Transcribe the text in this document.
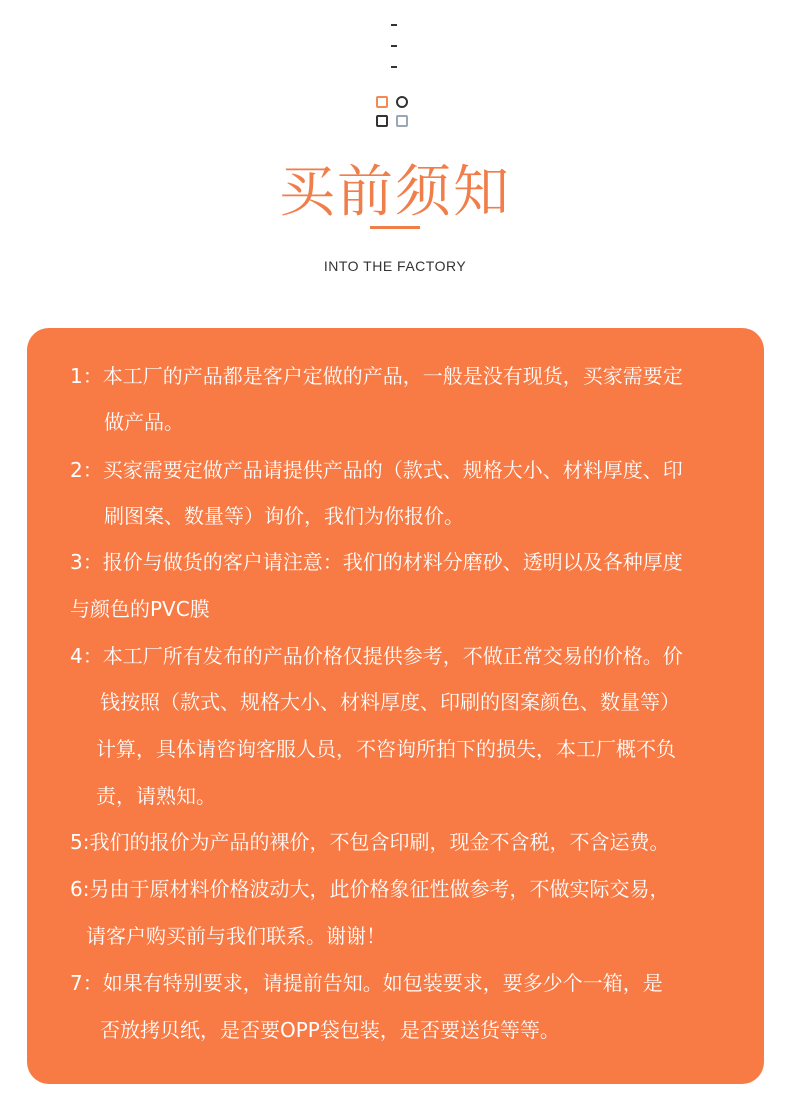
买前须知
INTO THE FACTORY
1：本工厂的产品都是客户定做的产品，一般是没有现货，买家需要定
做产品。
2：买家需要定做产品请提供产品的（款式、规格大小、材料厚度、印
刷图案、数量等）询价，我们为你报价。
3：报价与做货的客户请注意：我们的材料分磨砂、透明以及各种厚度
与颜色的PVC膜
4：本工厂所有发布的产品价格仅提供参考，不做正常交易的价格。价
钱按照（款式、规格大小、材料厚度、印刷的图案颜色、数量等）
计算，具体请咨询客服人员，不咨询所拍下的损失，本工厂概不负
责，请熟知。
5:我们的报价为产品的裸价，不包含印刷，现金不含税，不含运费。
6:另由于原材料价格波动大，此价格象征性做参考，不做实际交易，
请客户购买前与我们联系。谢谢！
7：如果有特别要求，请提前告知。如包装要求，要多少个一箱，是
否放拷贝纸，是否要OPP袋包装，是否要送货等等。
